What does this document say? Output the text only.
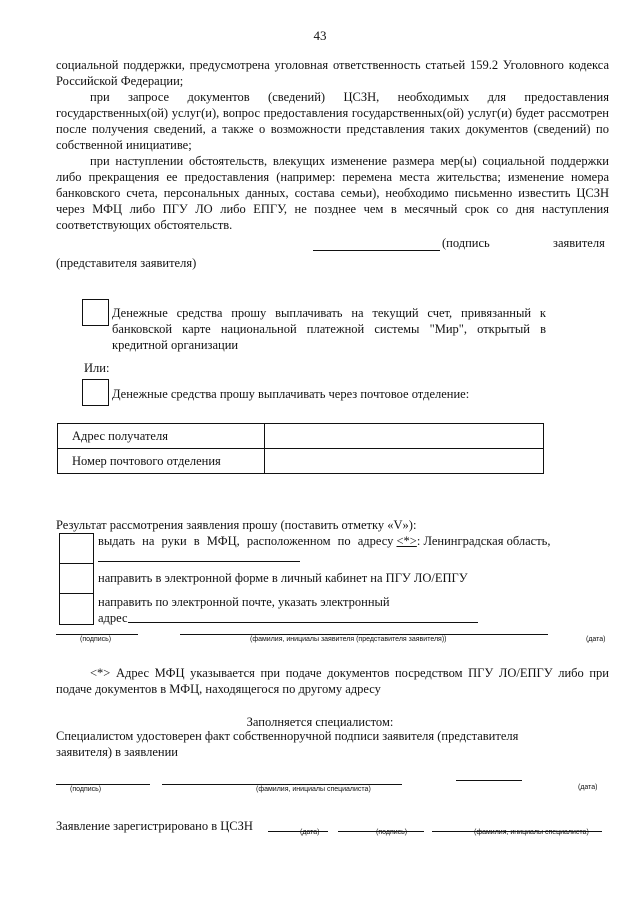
43
социальной поддержки, предусмотрена уголовная ответственность статьей 159.2 Уголовного кодекса Российской Федерации;
при запросе документов (сведений) ЦСЗН, необходимых для предоставления государственных(ой) услуг(и), вопрос предоставления государственных(ой) услуг(и) будет рассмотрен после получения сведений, а также о возможности представления таких документов (сведений) по собственной инициативе;
при наступлении обстоятельств, влекущих изменение размера мер(ы) социальной поддержки либо прекращения ее предоставления (например: перемена места жительства; изменение номера банковского счета, персональных данных, состава семьи), необходимо письменно известить ЦСЗН через МФЦ либо ПГУ ЛО либо ЕПГУ, не позднее чем в месячный срок со дня наступления соответствующих обстоятельств.
(подпись	заявителя
(представителя заявителя)
Денежные средства прошу выплачивать на текущий счет, привязанный к банковской карте национальной платежной системы "Мир", открытый в кредитной организации
Или:
Денежные средства прошу выплачивать через почтовое отделение:
Адрес получателя	
Номер почтового отделения	
Результат рассмотрения заявления прошу (поставить отметку «V»):
выдать на руки в МФЦ, расположенном по адресу <*>: Ленинградская область,
направить в электронной форме в личный кабинет на ПГУ ЛО/ЕПГУ
направить по электронной почте, указать электронный
адрес
(подпись)	(фамилия, инициалы заявителя (представителя заявителя))	(дата)
<*> Адрес МФЦ указывается при подаче документов посредством ПГУ ЛО/ЕПГУ либо при подаче документов в МФЦ, находящегося по другому адресу
Заполняется специалистом:
Специалистом удостоверен факт собственноручной подписи заявителя (представителя заявителя) в заявлении
(подпись)	(фамилия, инициалы специалиста)	(дата)
Заявление зарегистрировано в ЦСЗН	(дата)	(подпись)	(фамилия, инициалы специалиста)
